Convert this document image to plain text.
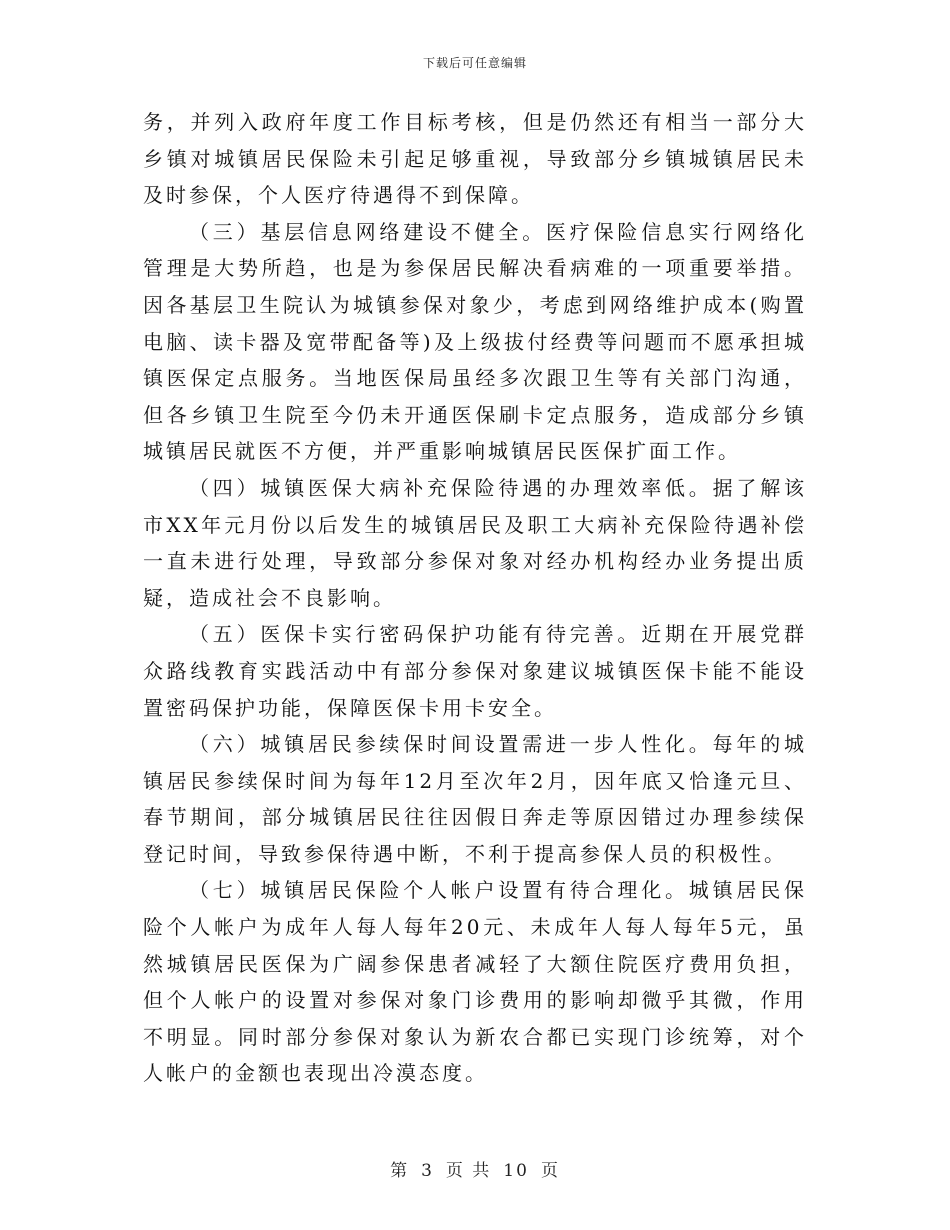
下载后可任意编辑

务，并列入政府年度工作目标考核，但是仍然还有相当一部分大乡镇对城镇居民保险未引起足够重视，导致部分乡镇城镇居民未及时参保，个人医疗待遇得不到保障。

（三）基层信息网络建设不健全。医疗保险信息实行网络化管理是大势所趋，也是为参保居民解决看病难的一项重要举措。因各基层卫生院认为城镇参保对象少，考虑到网络维护成本(购置电脑、读卡器及宽带配备等)及上级拔付经费等问题而不愿承担城镇医保定点服务。当地医保局虽经多次跟卫生等有关部门沟通，但各乡镇卫生院至今仍未开通医保刷卡定点服务，造成部分乡镇城镇居民就医不方便，并严重影响城镇居民医保扩面工作。

（四）城镇医保大病补充保险待遇的办理效率低。据了解该市XX年元月份以后发生的城镇居民及职工大病补充保险待遇补偿一直未进行处理，导致部分参保对象对经办机构经办业务提出质疑，造成社会不良影响。

（五）医保卡实行密码保护功能有待完善。近期在开展党群众路线教育实践活动中有部分参保对象建议城镇医保卡能不能设置密码保护功能，保障医保卡用卡安全。

（六）城镇居民参续保时间设置需进一步人性化。每年的城镇居民参续保时间为每年12月至次年2月，因年底又恰逢元旦、春节期间，部分城镇居民往往因假日奔走等原因错过办理参续保登记时间，导致参保待遇中断，不利于提高参保人员的积极性。

（七）城镇居民保险个人帐户设置有待合理化。城镇居民保险个人帐户为成年人每人每年20元、未成年人每人每年5元，虽然城镇居民医保为广阔参保患者减轻了大额住院医疗费用负担，但个人帐户的设置对参保对象门诊费用的影响却微乎其微，作用不明显。同时部分参保对象认为新农合都已实现门诊统筹，对个人帐户的金额也表现出冷漠态度。

第 3 页 共 10 页
